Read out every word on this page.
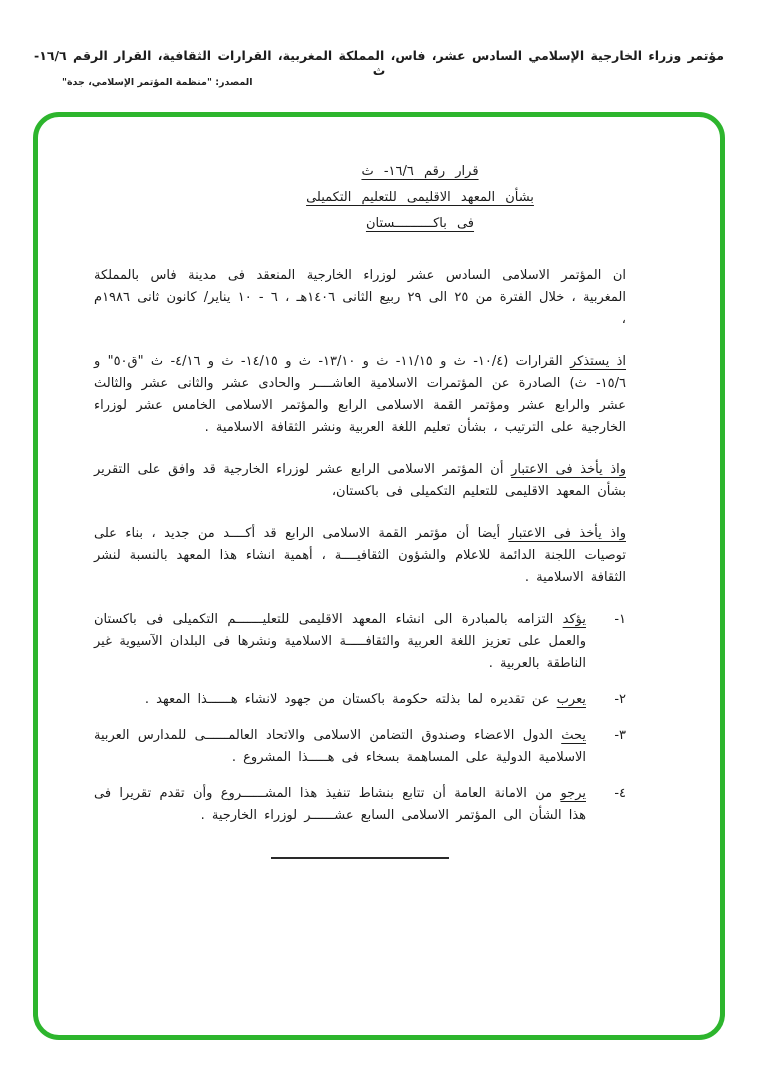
مؤتمر وزراء الخارجية الإسلامي السادس عشر، فاس، المملكة المغربية، القرارات الثقافية، القرار الرقم ١٦/٦-ث
المصدر: "منظمة المؤتمر الإسلامي، جدة"
قرار رقم ١٦/٦- ث
بشأن المعهد الاقليمى للتعليم التكميلى
فى باكــــــــــستان

ان المؤتمر الاسلامى السادس عشر لوزراء الخارجية المنعقد فى مدينة فاس بالمملكة المغربية ، خلال الفترة من ٢٥ الى ٢٩ ربيع الثانى ١٤٠٦هـ ، ٦ - ١٠ يناير/ كانون ثانى ١٩٨٦م ،

اذ يستذكر القرارات (١٠/٤- ث و ١١/١٥- ث و ١٣/١٠- ث و ١٤/١٥- ث و ٤/١٦- ث "ق٥٠" و ١٥/٦- ث) الصادرة عن المؤتمرات الاسلامية العاشــــر والحادى عشر والثانى عشر والثالث عشر والرابع عشر ومؤتمر القمة الاسلامى الرابع والمؤتمر الاسلامى الخامس عشر لوزراء الخارجية على الترتيب ، بشأن تعليم اللغة العربية ونشر الثقافة الاسلامية .

واذ يأخذ فى الاعتبار أن المؤتمر الاسلامى الرابع عشر لوزراء الخارجية قد وافق على التقرير بشأن المعهد الاقليمى للتعليم التكميلى فى باكستان،

واذ يأخذ فى الاعتبار أيضا أن مؤتمر القمة الاسلامى الرابع قد أكــــد من جديد ، بناء على توصيات اللجنة الدائمة للاعلام والشؤون الثقافيــــة ، أهمية انشاء هذا المعهد بالنسبة لنشر الثقافة الاسلامية .

١-

يؤكد التزامه بالمبادرة الى انشاء المعهد الاقليمى للتعليـــــــم التكميلى فى باكستان والعمل على تعزيز اللغة العربية والثقافـــــة الاسلامية ونشرها فى البلدان الآسيوية غير الناطقة بالعربية .

٢-

يعرب عن تقديره لما بذلته حكومة باكستان من جهود لانشاء هــــــذا المعهد .

٣-

يحث الدول الاعضاء وصندوق التضامن الاسلامى والاتحاد العالمــــــى للمدارس العربية الاسلامية الدولية على المساهمة بسخاء فى هـــــذا المشروع .

٤-

يرجو من الامانة العامة أن تتابع بنشاط تنفيذ هذا المشــــــروع وأن تقدم تقريرا فى هذا الشأن الى المؤتمر الاسلامى السابع عشــــــر لوزراء الخارجية .
